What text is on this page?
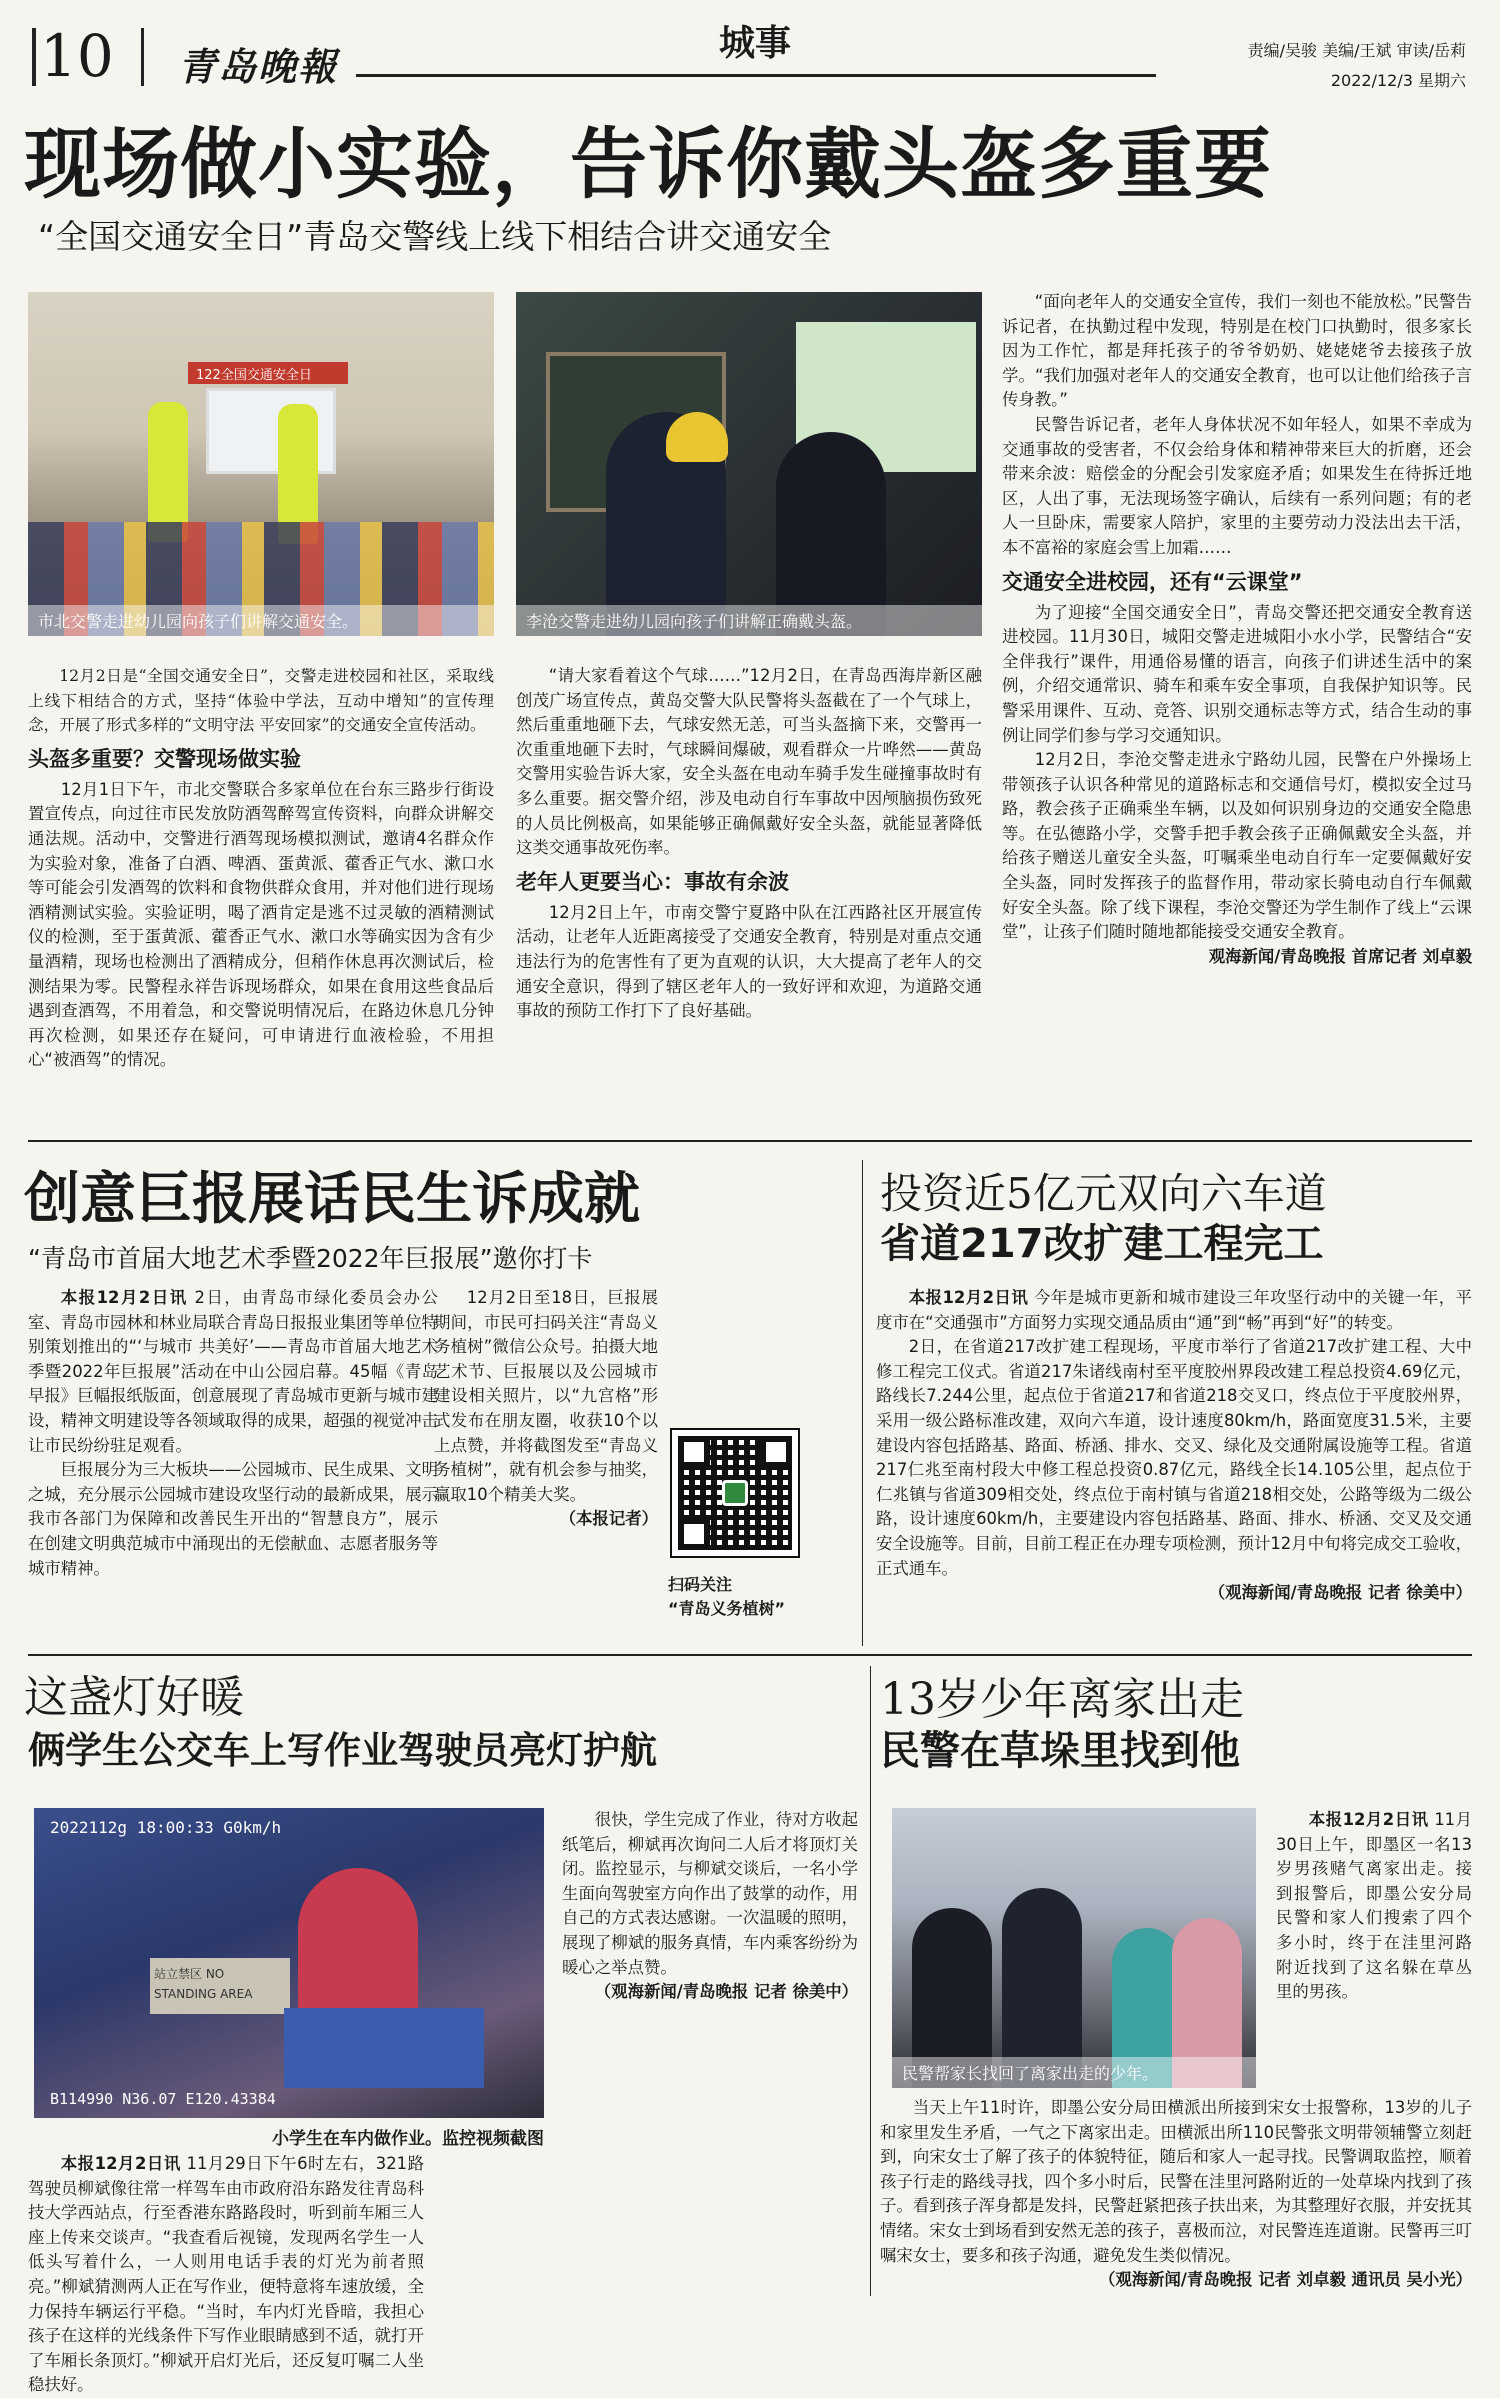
10 青岛晚報
城事	责编/吴骏 美编/王斌 审读/岳莉
2022/12/3 星期六
现场做小实验，告诉你戴头盔多重要
“全国交通安全日”青岛交警线上线下相结合讲交通安全
122全国交通安全日
市北交警走进幼儿园向孩子们讲解交通安全。	李沧交警走进幼儿园向孩子们讲解正确戴头盔。

12月2日是“全国交通安全日”，交警走进校园和社区，采取线上线下相结合的方式，坚持“体验中学法，互动中增知”的宣传理念，开展了形式多样的“文明守法 平安回家”的交通安全宣传活动。

头盔多重要？交警现场做实验

12月1日下午，市北交警联合多家单位在台东三路步行街设置宣传点，向过往市民发放防酒驾醉驾宣传资料，向群众讲解交通法规。活动中，交警进行酒驾现场模拟测试，邀请4名群众作为实验对象，准备了白酒、啤酒、蛋黄派、藿香正气水、漱口水等可能会引发酒驾的饮料和食物供群众食用，并对他们进行现场酒精测试实验。实验证明，喝了酒肯定是逃不过灵敏的酒精测试仪的检测，至于蛋黄派、藿香正气水、漱口水等确实因为含有少量酒精，现场也检测出了酒精成分，但稍作休息再次测试后，检测结果为零。民警程永祥告诉现场群众，如果在食用这些食品后遇到查酒驾，不用着急，和交警说明情况后，在路边休息几分钟再次检测，如果还存在疑问，可申请进行血液检验，不用担心“被酒驾”的情况。

“请大家看着这个气球……”12月2日，在青岛西海岸新区融创茂广场宣传点，黄岛交警大队民警将头盔截在了一个气球上，然后重重地砸下去，气球安然无恙，可当头盔摘下来，交警再一次重重地砸下去时，气球瞬间爆破，观看群众一片哗然——黄岛交警用实验告诉大家，安全头盔在电动车骑手发生碰撞事故时有多么重要。据交警介绍，涉及电动自行车事故中因颅脑损伤致死的人员比例极高，如果能够正确佩戴好安全头盔，就能显著降低这类交通事故死伤率。

老年人更要当心：事故有余波

12月2日上午，市南交警宁夏路中队在江西路社区开展宣传活动，让老年人近距离接受了交通安全教育，特别是对重点交通违法行为的危害性有了更为直观的认识，大大提高了老年人的交通安全意识，得到了辖区老年人的一致好评和欢迎，为道路交通事故的预防工作打下了良好基础。

“面向老年人的交通安全宣传，我们一刻也不能放松。”民警告诉记者，在执勤过程中发现，特别是在校门口执勤时，很多家长因为工作忙，都是拜托孩子的爷爷奶奶、姥姥姥爷去接孩子放学。“我们加强对老年人的交通安全教育，也可以让他们给孩子言传身教。”

民警告诉记者，老年人身体状况不如年轻人，如果不幸成为交通事故的受害者，不仅会给身体和精神带来巨大的折磨，还会带来余波：赔偿金的分配会引发家庭矛盾；如果发生在待拆迁地区，人出了事，无法现场签字确认，后续有一系列问题；有的老人一旦卧床，需要家人陪护，家里的主要劳动力没法出去干活，本不富裕的家庭会雪上加霜……

交通安全进校园，还有“云课堂”

为了迎接“全国交通安全日”，青岛交警还把交通安全教育送进校园。11月30日，城阳交警走进城阳小水小学，民警结合“安全伴我行”课件，用通俗易懂的语言，向孩子们讲述生活中的案例，介绍交通常识、骑车和乘车安全事项，自我保护知识等。民警采用课件、互动、竞答、识别交通标志等方式，结合生动的事例让同学们参与学习交通知识。

12月2日，李沧交警走进永宁路幼儿园，民警在户外操场上带领孩子认识各种常见的道路标志和交通信号灯，模拟安全过马路，教会孩子正确乘坐车辆，以及如何识别身边的交通安全隐患等。在弘德路小学，交警手把手教会孩子正确佩戴安全头盔，并给孩子赠送儿童安全头盔，叮嘱乘坐电动自行车一定要佩戴好安全头盔，同时发挥孩子的监督作用，带动家长骑电动自行车佩戴好安全头盔。除了线下课程，李沧交警还为学生制作了线上“云课堂”，让孩子们随时随地都能接受交通安全教育。

观海新闻/青岛晚报 首席记者 刘卓毅

创意巨报展话民生诉成就
“青岛市首届大地艺术季暨2022年巨报展”邀你打卡

本报12月2日讯 2日，由青岛市绿化委员会办公室、青岛市园林和林业局联合青岛日报报业集团等单位特别策划推出的“‘与城市 共美好’——青岛市首届大地艺术季暨2022年巨报展”活动在中山公园启幕。45幅《青岛早报》巨幅报纸版面，创意展现了青岛城市更新与城市建设，精神文明建设等各领域取得的成果，超强的视觉冲击让市民纷纷驻足观看。

巨报展分为三大板块——公园城市、民生成果、文明之城，充分展示公园城市建设攻坚行动的最新成果，展示我市各部门为保障和改善民生开出的“智慧良方”，展示在创建文明典范城市中涌现出的无偿献血、志愿者服务等城市精神。

12月2日至18日，巨报展期间，市民可扫码关注“青岛义务植树”微信公众号。拍摄大地艺术节、巨报展以及公园城市建设相关照片，以“九宫格”形式发布在朋友圈，收获10个以上点赞，并将截图发至“青岛义务植树”，就有机会参与抽奖，赢取10个精美大奖。

（本报记者）

扫码关注
“青岛义务植树”
投资近5亿元双向六车道
省道217改扩建工程完工

本报12月2日讯 今年是城市更新和城市建设三年攻坚行动中的关键一年，平度市在“交通强市”方面努力实现交通品质由“通”到“畅”再到“好”的转变。

2日，在省道217改扩建工程现场，平度市举行了省道217改扩建工程、大中修工程完工仪式。省道217朱诸线南村至平度胶州界段改建工程总投资4.69亿元，路线长7.244公里，起点位于省道217和省道218交叉口，终点位于平度胶州界，采用一级公路标准改建，双向六车道，设计速度80km/h，路面宽度31.5米，主要建设内容包括路基、路面、桥涵、排水、交叉、绿化及交通附属设施等工程。省道217仁兆至南村段大中修工程总投资0.87亿元，路线全长14.105公里，起点位于仁兆镇与省道309相交处，终点位于南村镇与省道218相交处，公路等级为二级公路，设计速度60km/h，主要建设内容包括路基、路面、排水、桥涵、交叉及交通安全设施等。目前，目前工程正在办理专项检测，预计12月中旬将完成交工验收，正式通车。

（观海新闻/青岛晚报 记者 徐美中）

这盏灯好暖
俩学生公交车上写作业驾驶员亮灯护航
2022112g 18:00:33 G0km/h
站立禁区 NO STANDING AREA
B114990 N36.07 E120.43384
小学生在车内做作业。监控视频截图

本报12月2日讯 11月29日下午6时左右，321路驾驶员柳斌像往常一样驾车由市政府沿东路发往青岛科技大学西站点，行至香港东路路段时，听到前车厢三人座上传来交谈声。“我查看后视镜，发现两名学生一人低头写着什么，一人则用电话手表的灯光为前者照亮。”柳斌猜测两人正在写作业，便特意将车速放缓，全力保持车辆运行平稳。“当时，车内灯光昏暗，我担心孩子在这样的光线条件下写作业眼睛感到不适，就打开了车厢长条顶灯。”柳斌开启灯光后，还反复叮嘱二人坐稳扶好。

很快，学生完成了作业，待对方收起纸笔后，柳斌再次询问二人后才将顶灯关闭。监控显示，与柳斌交谈后，一名小学生面向驾驶室方向作出了鼓掌的动作，用自己的方式表达感谢。一次温暖的照明，展现了柳斌的服务真情，车内乘客纷纷为暖心之举点赞。

（观海新闻/青岛晚报 记者 徐美中）

13岁少年离家出走
民警在草垛里找到他
民警帮家长找回了离家出走的少年。

本报12月2日讯 11月30日上午，即墨区一名13岁男孩赌气离家出走。接到报警后，即墨公安分局民警和家人们搜索了四个多小时，终于在洼里河路附近找到了这名躲在草丛里的男孩。

当天上午11时许，即墨公安分局田横派出所接到宋女士报警称，13岁的儿子和家里发生矛盾，一气之下离家出走。田横派出所110民警张文明带领辅警立刻赶到，向宋女士了解了孩子的体貌特征，随后和家人一起寻找。民警调取监控，顺着孩子行走的路线寻找，四个多小时后，民警在洼里河路附近的一处草垛内找到了孩子。看到孩子浑身都是发抖，民警赶紧把孩子扶出来，为其整理好衣服，并安抚其情绪。宋女士到场看到安然无恙的孩子，喜极而泣，对民警连连道谢。民警再三叮嘱宋女士，要多和孩子沟通，避免发生类似情况。

（观海新闻/青岛晚报 记者 刘卓毅 通讯员 吴小光）
